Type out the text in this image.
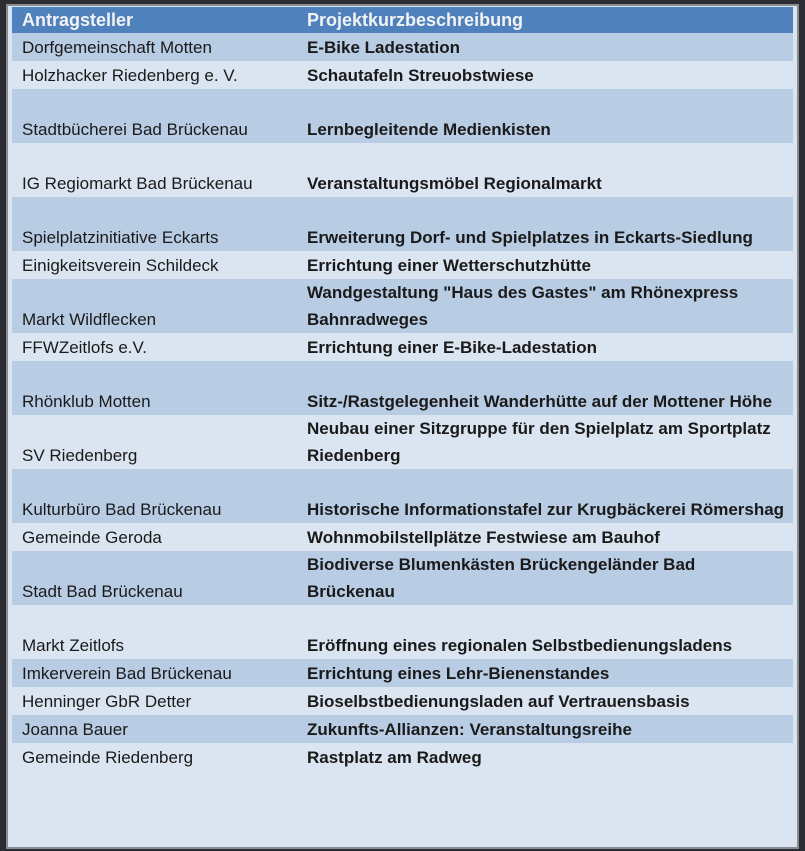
Antragsteller	Projektkurzbeschreibung
Dorfgemeinschaft Motten	E-Bike Ladestation
Holzhacker Riedenberg e. V.	Schautafeln Streuobstwiese
Stadtbücherei Bad Brückenau	Lernbegleitende Medienkisten
IG Regiomarkt Bad Brückenau	Veranstaltungsmöbel Regionalmarkt
Spielplatzinitiative Eckarts	Erweiterung Dorf- und Spielplatzes in Eckarts-Siedlung
Einigkeitsverein Schildeck	Errichtung einer Wetterschutzhütte
Markt Wildflecken	Wandgestaltung "Haus des Gastes" am Rhönexpress Bahnradweges
FFWZeitlofs e.V.	Errichtung einer E-Bike-Ladestation
Rhönklub Motten	Sitz-/Rastgelegenheit Wanderhütte auf der Mottener Höhe
SV Riedenberg	Neubau einer Sitzgruppe für den Spielplatz am Sportplatz Riedenberg
Kulturbüro Bad Brückenau	Historische Informationstafel zur Krugbäckerei Römershag
Gemeinde Geroda	Wohnmobilstellplätze Festwiese am Bauhof
Stadt Bad Brückenau	Biodiverse Blumenkästen Brückengeländer Bad Brückenau
Markt Zeitlofs	Eröffnung eines regionalen Selbstbedienungsladens
Imkerverein Bad Brückenau	Errichtung eines Lehr-Bienenstandes
Henninger GbR Detter	Bioselbstbedienungsladen auf Vertrauensbasis
Joanna Bauer	Zukunfts-Allianzen: Veranstaltungsreihe
Gemeinde Riedenberg	Rastplatz am Radweg
